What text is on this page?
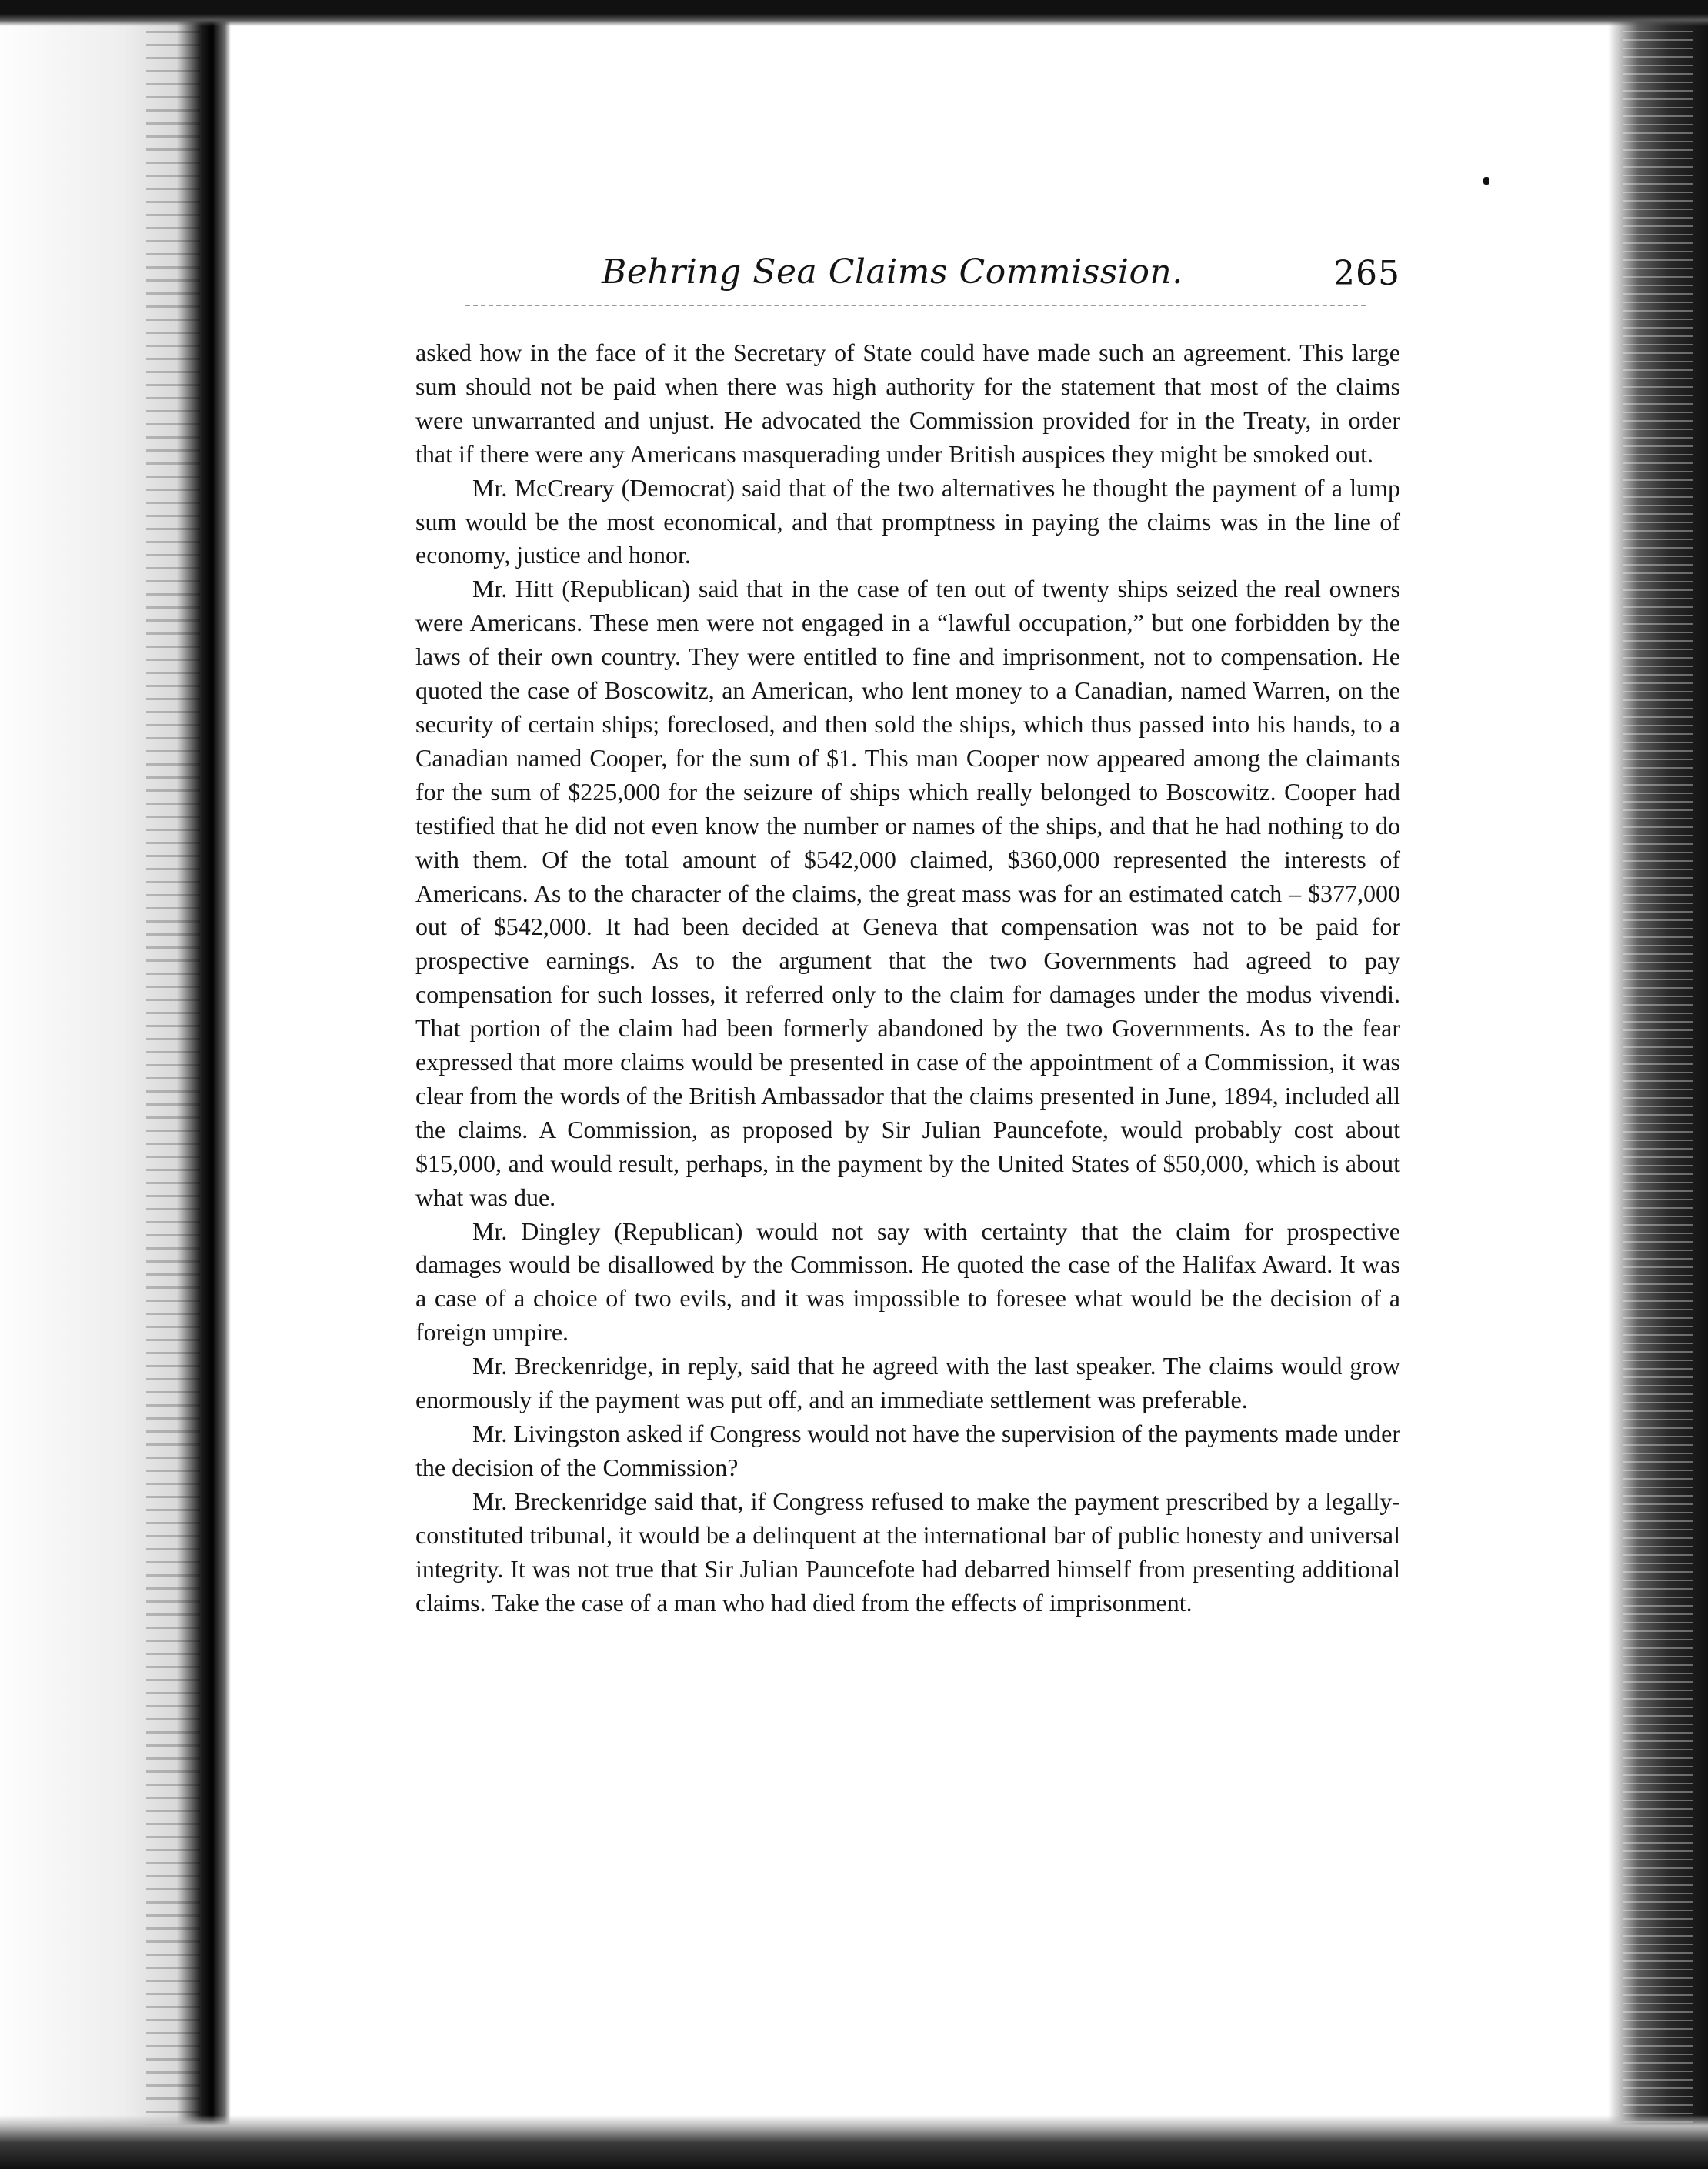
Behring Sea Claims Commission.	265

asked how in the face of it the Secretary of State could have made such an agreement. This large sum should not be paid when there was high authority for the statement that most of the claims were unwarranted and unjust. He advocated the Commission provided for in the Treaty, in order that if there were any Americans masquerading under British auspices they might be smoked out.

Mr. McCreary (Democrat) said that of the two alternatives he thought the payment of a lump sum would be the most economical, and that promptness in paying the claims was in the line of economy, justice and honor.

Mr. Hitt (Republican) said that in the case of ten out of twenty ships seized the real owners were Americans. These men were not engaged in a “lawful occupation,” but one forbidden by the laws of their own country. They were entitled to fine and imprisonment, not to compensation. He quoted the case of Boscowitz, an American, who lent money to a Canadian, named Warren, on the security of certain ships; foreclosed, and then sold the ships, which thus passed into his hands, to a Canadian named Cooper, for the sum of $1. This man Cooper now appeared among the claimants for the sum of $225,000 for the seizure of ships which really belonged to Boscowitz. Cooper had testified that he did not even know the number or names of the ships, and that he had nothing to do with them. Of the total amount of $542,000 claimed, $360,000 represented the interests of Americans. As to the character of the claims, the great mass was for an estimated catch – $377,000 out of $542,000. It had been decided at Geneva that compensation was not to be paid for prospective earnings. As to the argument that the two Governments had agreed to pay compensation for such losses, it referred only to the claim for damages under the modus vivendi. That portion of the claim had been formerly abandoned by the two Governments. As to the fear expressed that more claims would be presented in case of the appointment of a Commission, it was clear from the words of the British Ambassador that the claims presented in June, 1894, included all the claims. A Commission, as proposed by Sir Julian Pauncefote, would probably cost about $15,000, and would result, perhaps, in the payment by the United States of $50,000, which is about what was due.

Mr. Dingley (Republican) would not say with certainty that the claim for prospective damages would be disallowed by the Commisson. He quoted the case of the Halifax Award. It was a case of a choice of two evils, and it was impossible to foresee what would be the decision of a foreign umpire.

Mr. Breckenridge, in reply, said that he agreed with the last speaker. The claims would grow enormously if the payment was put off, and an immediate settlement was preferable.

Mr. Livingston asked if Congress would not have the supervision of the payments made under the decision of the Commission?

Mr. Breckenridge said that, if Congress refused to make the payment prescribed by a legally-constituted tribunal, it would be a delinquent at the international bar of public honesty and universal integrity. It was not true that Sir Julian Pauncefote had debarred himself from presenting additional claims. Take the case of a man who had died from the effects of imprisonment.
